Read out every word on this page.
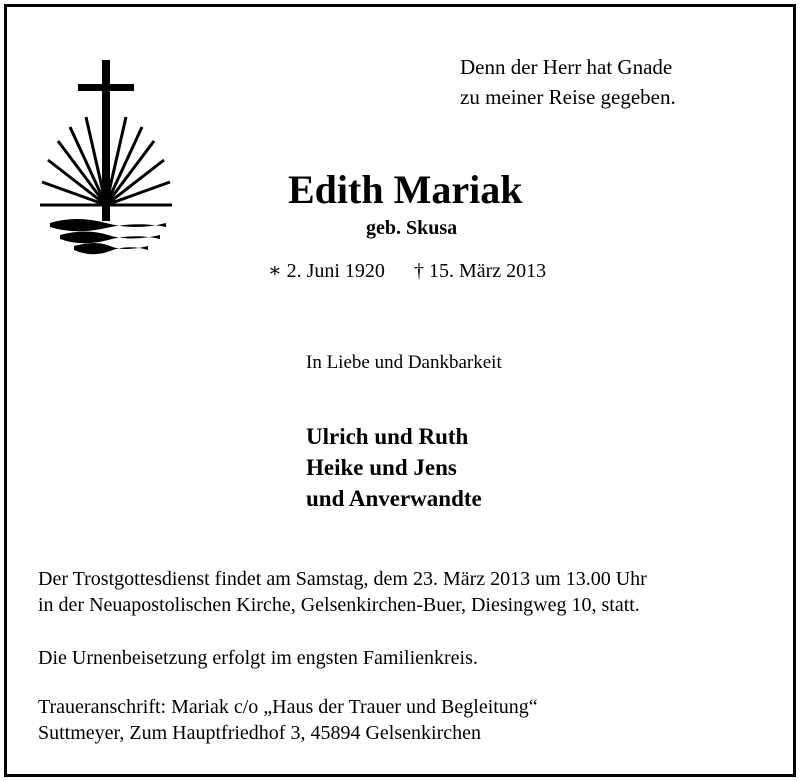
Denn der Herr hat Gnade
zu meiner Reise gegeben.
Edith Mariak
geb. Skusa
∗ 2. Juni 1920 † 15. März 2013
In Liebe und Dankbarkeit
Ulrich und Ruth
Heike und Jens
und Anverwandte
Der Trostgottesdienst findet am Samstag, dem 23. März 2013 um 13.00 Uhr
in der Neuapostolischen Kirche, Gelsenkirchen-Buer, Diesingweg 10, statt.
Die Urnenbeisetzung erfolgt im engsten Familienkreis.
Traueranschrift: Mariak c/o „Haus der Trauer und Begleitung“
Suttmeyer, Zum Hauptfriedhof 3, 45894 Gelsenkirchen
